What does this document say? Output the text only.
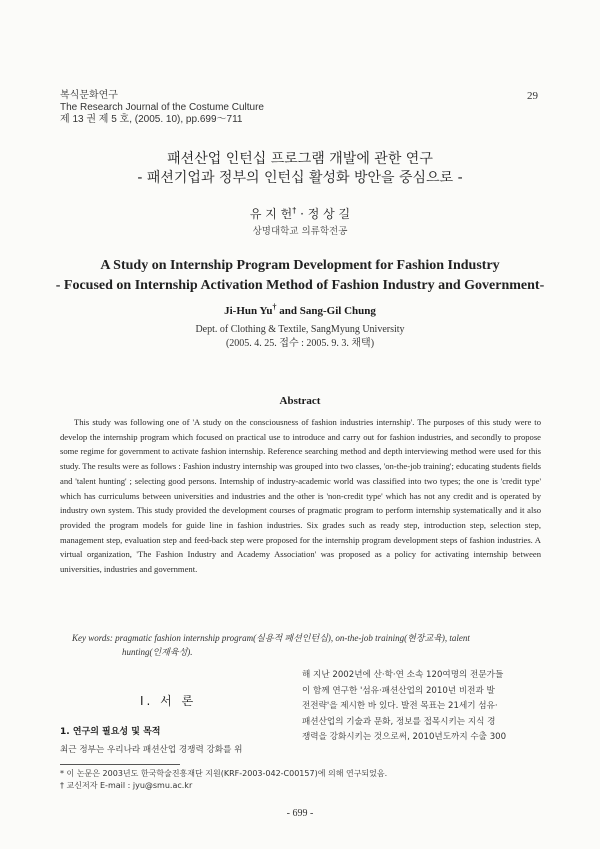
복식문화연구
The Research Journal of the Costume Culture
제 13 권 제 5 호, (2005. 10), pp.699～711
29
패션산업 인턴십 프로그램 개발에 관한 연구
- 패션기업과 정부의 인턴십 활성화 방안을 중심으로 -
유 지 헌† · 정 상 길
상명대학교 의류학전공
A Study on Internship Program Development for Fashion Industry
- Focused on Internship Activation Method of Fashion Industry and Government-
Ji-Hun Yu† and Sang-Gil Chung
Dept. of Clothing & Textile, SangMyung University
(2005. 4. 25. 접수 : 2005. 9. 3. 채택)
Abstract

This study was following one of 'A study on the consciousness of fashion industries internship'. The purposes of this study were to develop the internship program which focused on practical use to introduce and carry out for fashion industries, and secondly to propose some regime for government to activate fashion internship. Reference searching method and depth interviewing method were used for this study. The results were as follows : Fashion industry internship was grouped into two classes, 'on-the-job training'; educating students fields and 'talent hunting' ; selecting good persons. Internship of industry-academic world was classified into two types; the one is 'credit type' which has curriculums between universities and industries and the other is 'non-credit type' which has not any credit and is operated by industry own system. This study provided the development courses of pragmatic program to perform internship systematically and it also provided the program models for guide line in fashion industries. Six grades such as ready step, introduction step, selection step, management step, evaluation step and feed-back step were proposed for the internship program development steps of fashion industries. A virtual organization, 'The Fashion Industry and Academy Association' was proposed as a policy for activating internship between universities, industries and government.

Key words: pragmatic fashion internship program(실용적 패션인턴십), on-the-job training(현장교육), talent
hunting(인재육성).
Ⅰ. 서 론
1. 연구의 필요성 및 목적
최근 정부는 우리나라 패션산업 경쟁력 강화를 위
해 지난 2002년에 산·학·연 소속 120여명의 전문가들
이 함께 연구한 '섬유·패션산업의 2010년 비전과 발
전전략'을 제시한 바 있다. 발전 목표는 21세기 섬유·
패션산업의 기술과 문화, 정보를 접목시키는 지식 경
쟁력을 강화시키는 것으로써, 2010년도까지 수출 300
* 이 논문은 2003년도 한국학술진흥재단 지원(KRF-2003-042-C00157)에 의해 연구되었음.
† 교신저자 E-mail : jyu@smu.ac.kr
- 699 -
